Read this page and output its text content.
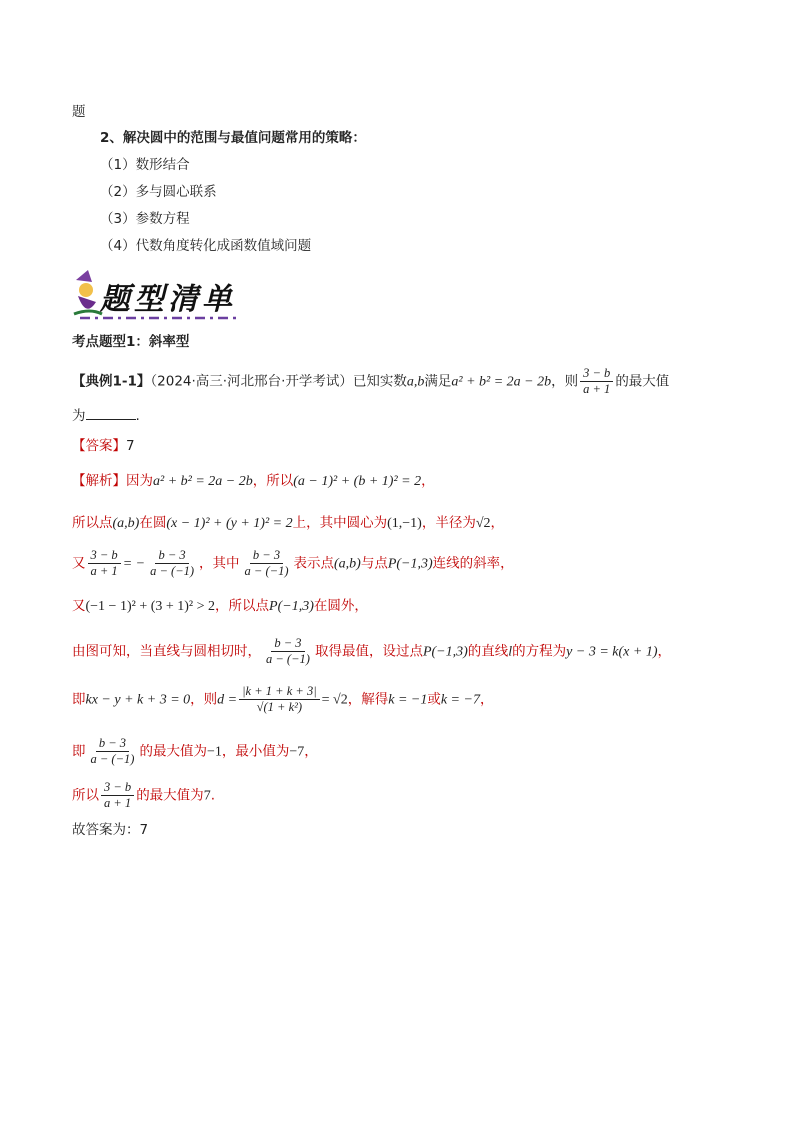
题
2、解决圆中的范围与最值问题常用的策略：
（1）数形结合
（2）多与圆心联系
（3）参数方程
（4）代数角度转化成函数值域问题
题型清单
考点题型1：斜率型
【典例1-1】（2024·高三·河北邢台·开学考试）已知实数a,b满足a² + b² = 2a − 2b，则 $\frac{3 - b}{a + 1}$ 的最大值
为	.
【答案】7
【解析】因为a² + b² = 2a − 2b，所以(a − 1)² + (b + 1)² = 2，
所以点(a,b)在圆(x − 1)² + (y + 1)² = 2上，其中圆心为(1,−1)，半径为√2，
又 $\frac{3 - b}{a + 1}$ = − $\frac{b - 3}{a - (-1)}$ ，其中 $\frac{b - 3}{a - (-1)}$ 表示点(a,b)与点P(−1,3)连线的斜率，
又(−1 − 1)² + (3 + 1)² > 2，所以点P(−1,3)在圆外，
由图可知，当直线与圆相切时， $\frac{b - 3}{a - (-1)}$ 取得最值，设过点P(−1,3)的直线l的方程为y − 3 = k(x + 1)，
即kx − y + k + 3 = 0，则$d = \frac{|k + 1 + k + 3|}{\text{√(1 + k²)}} = √2$，解得k = −1或k = −7，
即 $\frac{b - 3}{a - (-1)}$ 的最大值为−1，最小值为−7，
所以 $\frac{3 - b}{a + 1}$ 的最大值为7.
故答案为：7
